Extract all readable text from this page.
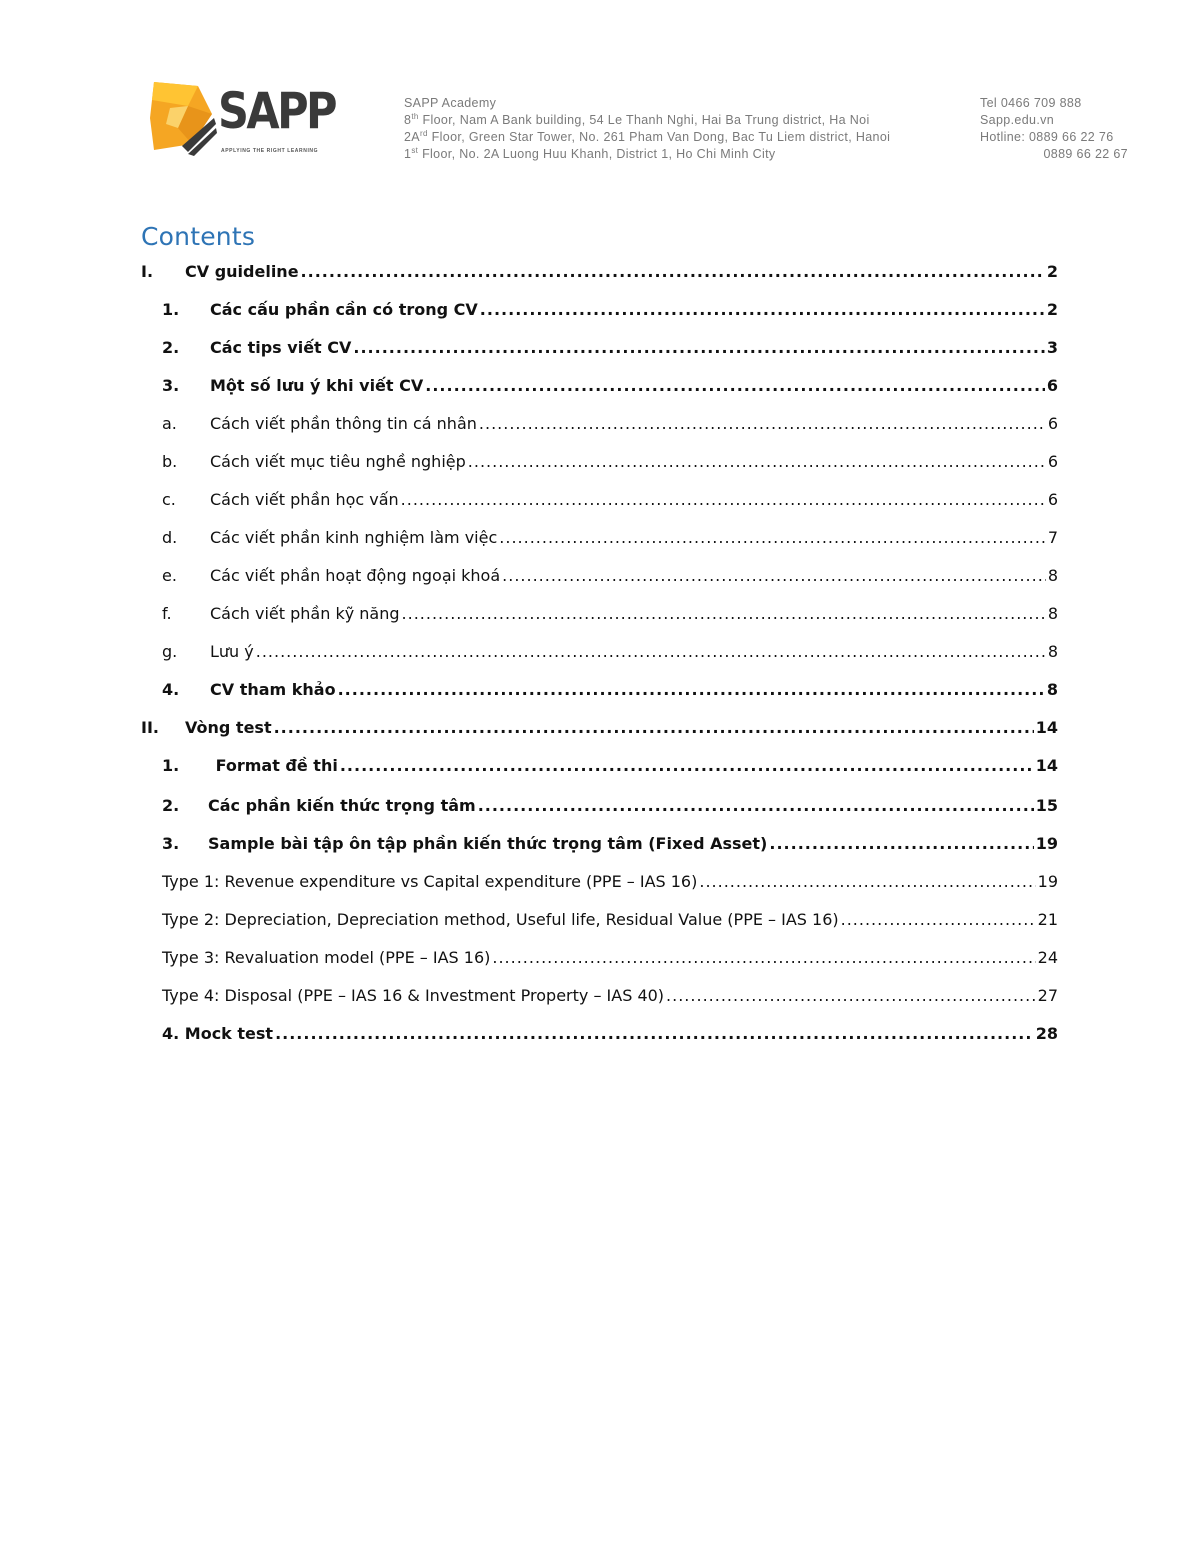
SAPP
APPLYING THE RIGHT LEARNING
SAPP Academy
8th Floor, Nam A Bank building, 54 Le Thanh Nghi, Hai Ba Trung district, Ha Noi
$2A^{rd}$ Floor, Green Star Tower, No. 261 Pham Van Dong, Bac Tu Liem district, Hanoi
1st Floor, No. 2A Luong Huu Khanh, District 1, Ho Chi Minh City
Tel 0466 709 888
Sapp.edu.vn
Hotline: 0889 66 22 76
0889 66 22 67
Contents
I.	CV guideline .....	2
1.	Các cấu phần cần có trong CV .....	2
2.	Các tips viết CV .....	3
3.	Một số lưu ý khi viết CV .....	6
a.	Cách viết phần thông tin cá nhân .....	6
b.	Cách viết mục tiêu nghề nghiệp .....	6
c.	Cách viết phần học vấn .....	6
d.	Các viết phần kinh nghiệm làm việc .....	7
e.	Các viết phần hoạt động ngoại khoá .....	8
f.	Cách viết phần kỹ năng .....	8
g.	Lưu ý .....	8
4.	CV tham khảo .....	8
II.	Vòng test .....	14
1.	Format đề thi .....	14
2.	Các phần kiến thức trọng tâm .....	15
3.	Sample bài tập ôn tập phần kiến thức trọng tâm (Fixed Asset) .....	19
Type 1: Revenue expenditure vs Capital expenditure (PPE – IAS 16) .....	19
Type 2: Depreciation, Depreciation method, Useful life, Residual Value (PPE – IAS 16) .....	21
Type 3: Revaluation model (PPE – IAS 16) .....	24
Type 4: Disposal (PPE – IAS 16 & Investment Property – IAS 40) .....	27
4. Mock test .....	28
